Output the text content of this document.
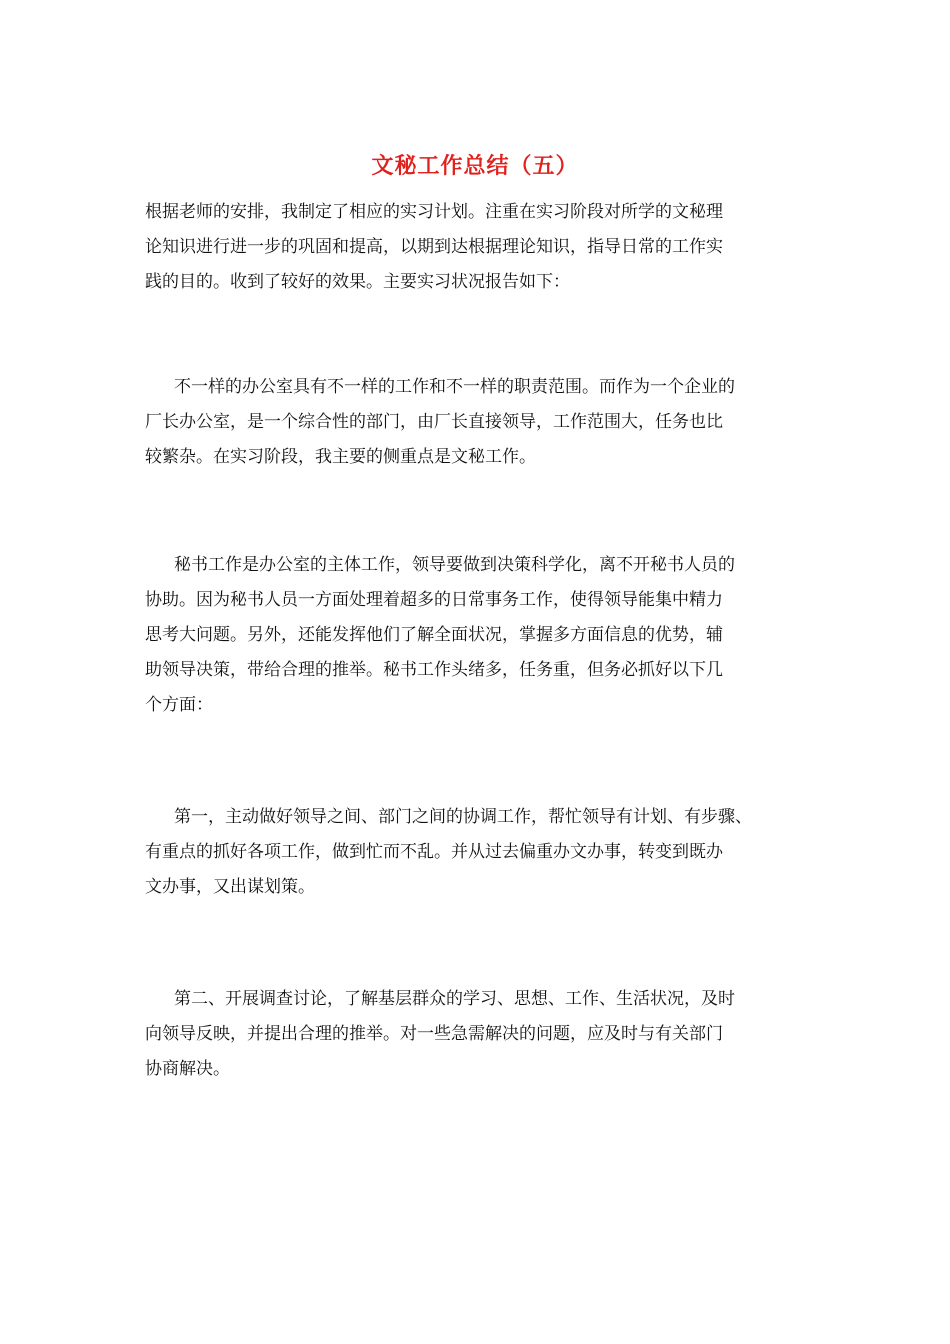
文秘工作总结（五）
根据老师的安排，我制定了相应的实习计划。注重在实习阶段对所学的文秘理
论知识进行进一步的巩固和提高，以期到达根据理论知识，指导日常的工作实
践的目的。收到了较好的效果。主要实习状况报告如下：
不一样的办公室具有不一样的工作和不一样的职责范围。而作为一个企业的
厂长办公室，是一个综合性的部门，由厂长直接领导，工作范围大，任务也比
较繁杂。在实习阶段，我主要的侧重点是文秘工作。
秘书工作是办公室的主体工作，领导要做到决策科学化，离不开秘书人员的
协助。因为秘书人员一方面处理着超多的日常事务工作，使得领导能集中精力
思考大问题。另外，还能发挥他们了解全面状况，掌握多方面信息的优势，辅
助领导决策，带给合理的推举。秘书工作头绪多，任务重，但务必抓好以下几
个方面：
第一，主动做好领导之间、部门之间的协调工作，帮忙领导有计划、有步骤、
有重点的抓好各项工作，做到忙而不乱。并从过去偏重办文办事，转变到既办
文办事，又出谋划策。
第二、开展调查讨论，了解基层群众的学习、思想、工作、生活状况，及时
向领导反映，并提出合理的推举。对一些急需解决的问题，应及时与有关部门
协商解决。
